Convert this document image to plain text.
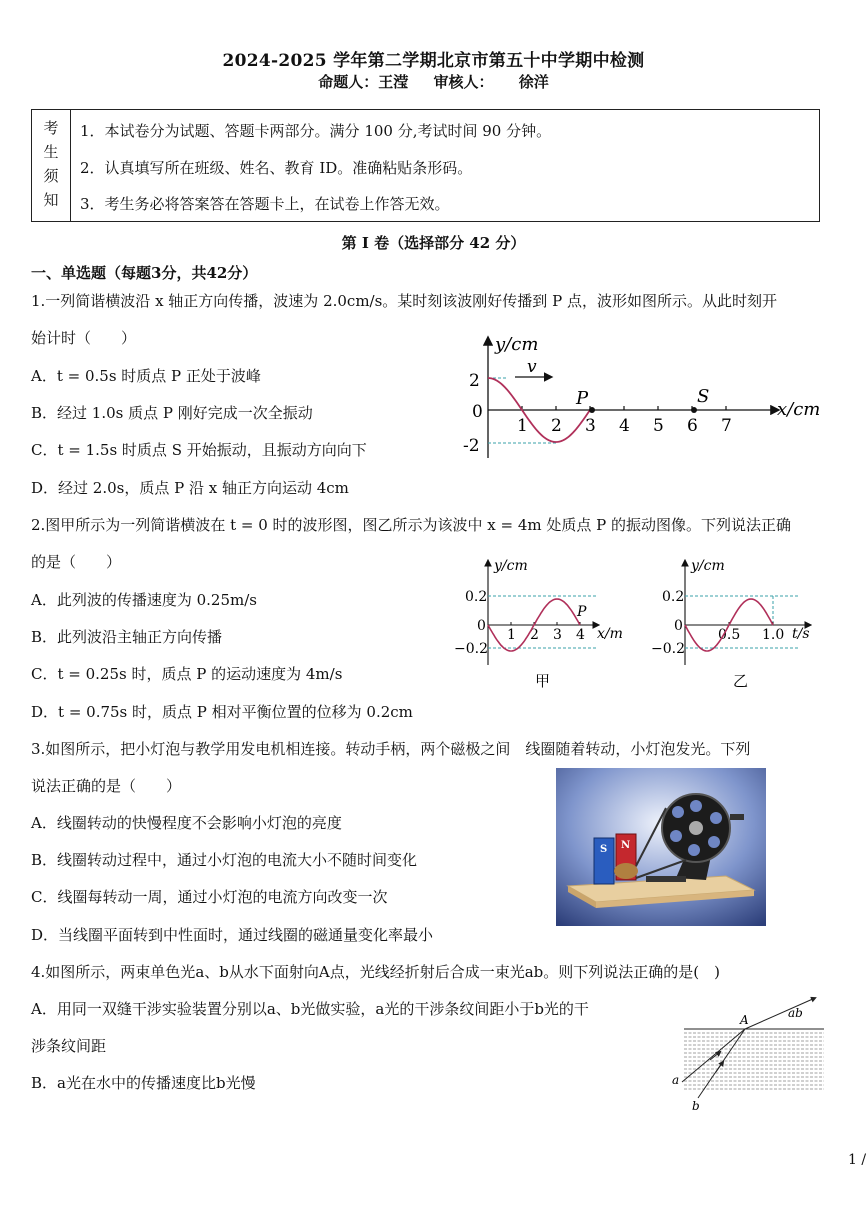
2024-2025 学年第二学期北京市第五十中学期中检测
命题人：王滢 审核人： 徐洋
考
生
须
知
1．本试卷分为试题、答题卡两部分。满分 100 分,考试时间 90 分钟。
2．认真填写所在班级、姓名、教育 ID。准确粘贴条形码。
3．考生务必将答案答在答题卡上，在试卷上作答无效。
第 I 卷（选择部分 42 分）
一、单选题（每题3分，共42分）
1.一列简谐横波沿 x 轴正方向传播，波速为 2.0cm/s。某时刻该波刚好传播到 P 点，波形如图所示。从此时刻开
始计时（　　）
A．t = 0.5s 时质点 P 正处于波峰
B．经过 1.0s 质点 P 刚好完成一次全振动
C．t = 1.5s 时质点 S 开始振动，且振动方向向下
D．经过 2.0s，质点 P 沿 x 轴正方向运动 4cm
y/cm
x/cm
1 2 3 4 5 6 7
2
0
-2
v
P	S
2.图甲所示为一列简谐横波在 t = 0 时的波形图，图乙所示为该波中 x = 4m 处质点 P 的振动图像。下列说法正确
的是（　　）
A．此列波的传播速度为 0.25m/s
B．此列波沿主轴正方向传播
C．t = 0.25s 时，质点 P 的运动速度为 4m/s
D．t = 0.75s 时，质点 P 相对平衡位置的位移为 0.2cm
y/cm
x/m
0.2
0
−0.2
1 2 3 4
P
甲
y/cm
t/s
0.2
0
−0.2
0.5 1.0
乙
3.如图所示，把小灯泡与教学用发电机相连接。转动手柄，两个磁极之间　线圈随着转动，小灯泡发光。下列
说法正确的是（　　）
A．线圈转动的快慢程度不会影响小灯泡的亮度
B．线圈转动过程中，通过小灯泡的电流大小不随时间变化
C．线圈每转动一周，通过小灯泡的电流方向改变一次
D．当线圈平面转到中性面时，通过线圈的磁通量变化率最小
S N
4.如图所示，两束单色光a、b从水下面射向A点，光线经折射后合成一束光ab。则下列说法正确的是(　)
A．用同一双缝干涉实验装置分别以a、b光做实验，a光的干涉条纹间距小于b光的干
涉条纹间距
B．a光在水中的传播速度比b光慢
A	ab
a
b
1 /
